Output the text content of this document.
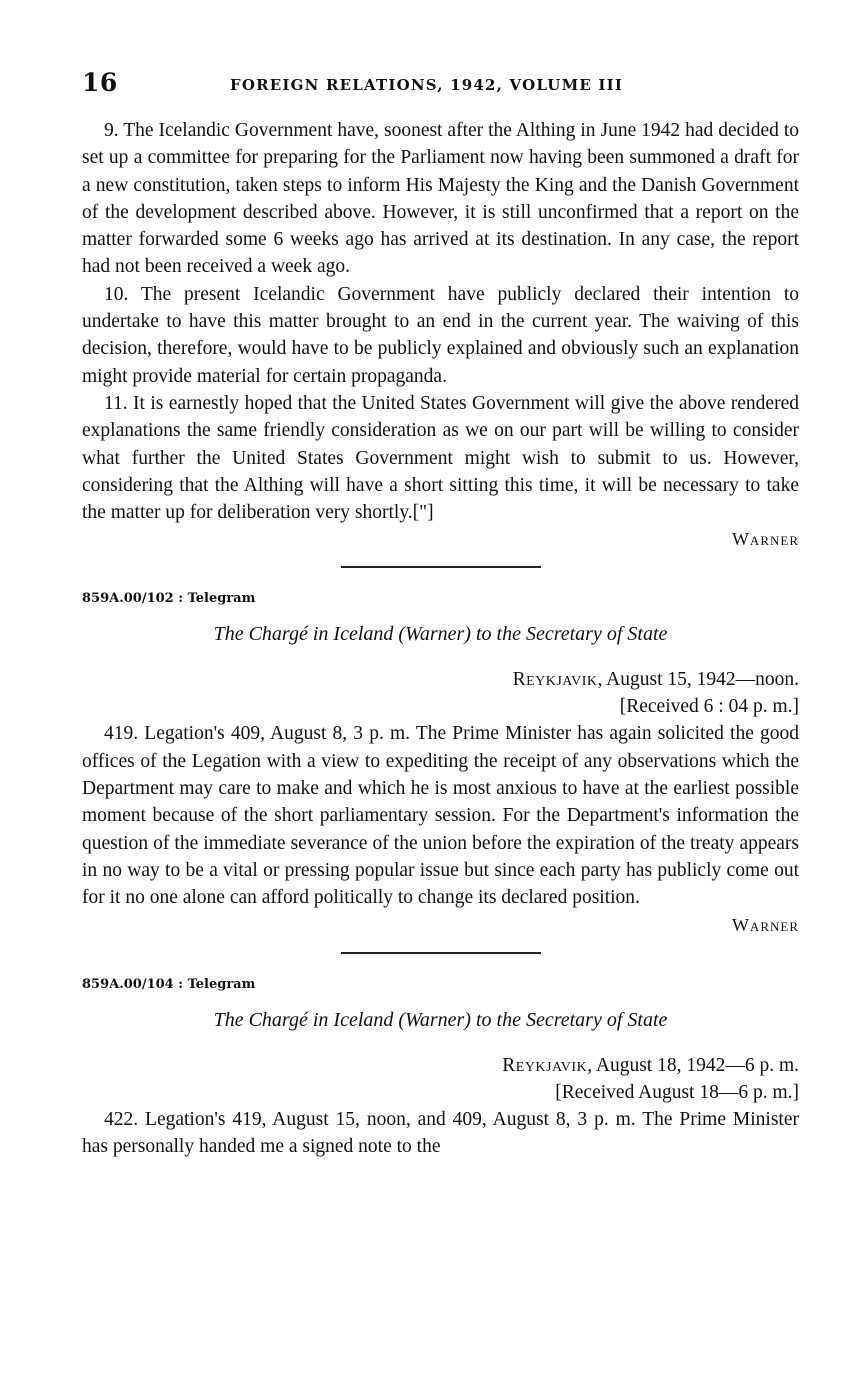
16	FOREIGN RELATIONS, 1942, VOLUME III

9. The Icelandic Government have, soonest after the Althing in June 1942 had decided to set up a committee for preparing for the Parliament now having been summoned a draft for a new constitution, taken steps to inform His Majesty the King and the Danish Government of the development described above. However, it is still unconfirmed that a report on the matter forwarded some 6 weeks ago has arrived at its destination. In any case, the report had not been received a week ago.

10. The present Icelandic Government have publicly declared their intention to undertake to have this matter brought to an end in the current year. The waiving of this decision, therefore, would have to be publicly explained and obviously such an explanation might provide material for certain propaganda.

11. It is earnestly hoped that the United States Government will give the above rendered explanations the same friendly consideration as we on our part will be willing to consider what further the United States Government might wish to submit to us. However, considering that the Althing will have a short sitting this time, it will be necessary to take the matter up for deliberation very shortly.["]

Warner
859A.00/102 : Telegram
The Chargé in Iceland (Warner) to the Secretary of State
Reykjavik, August 15, 1942—noon.
[Received 6 : 04 p. m.]

419. Legation's 409, August 8, 3 p. m. The Prime Minister has again solicited the good offices of the Legation with a view to expediting the receipt of any observations which the Department may care to make and which he is most anxious to have at the earliest possible moment because of the short parliamentary session. For the Department's information the question of the immediate severance of the union before the expiration of the treaty appears in no way to be a vital or pressing popular issue but since each party has publicly come out for it no one alone can afford politically to change its declared position.

Warner
859A.00/104 : Telegram
The Chargé in Iceland (Warner) to the Secretary of State
Reykjavik, August 18, 1942—6 p. m.
[Received August 18—6 p. m.]

422. Legation's 419, August 15, noon, and 409, August 8, 3 p. m. The Prime Minister has personally handed me a signed note to the
